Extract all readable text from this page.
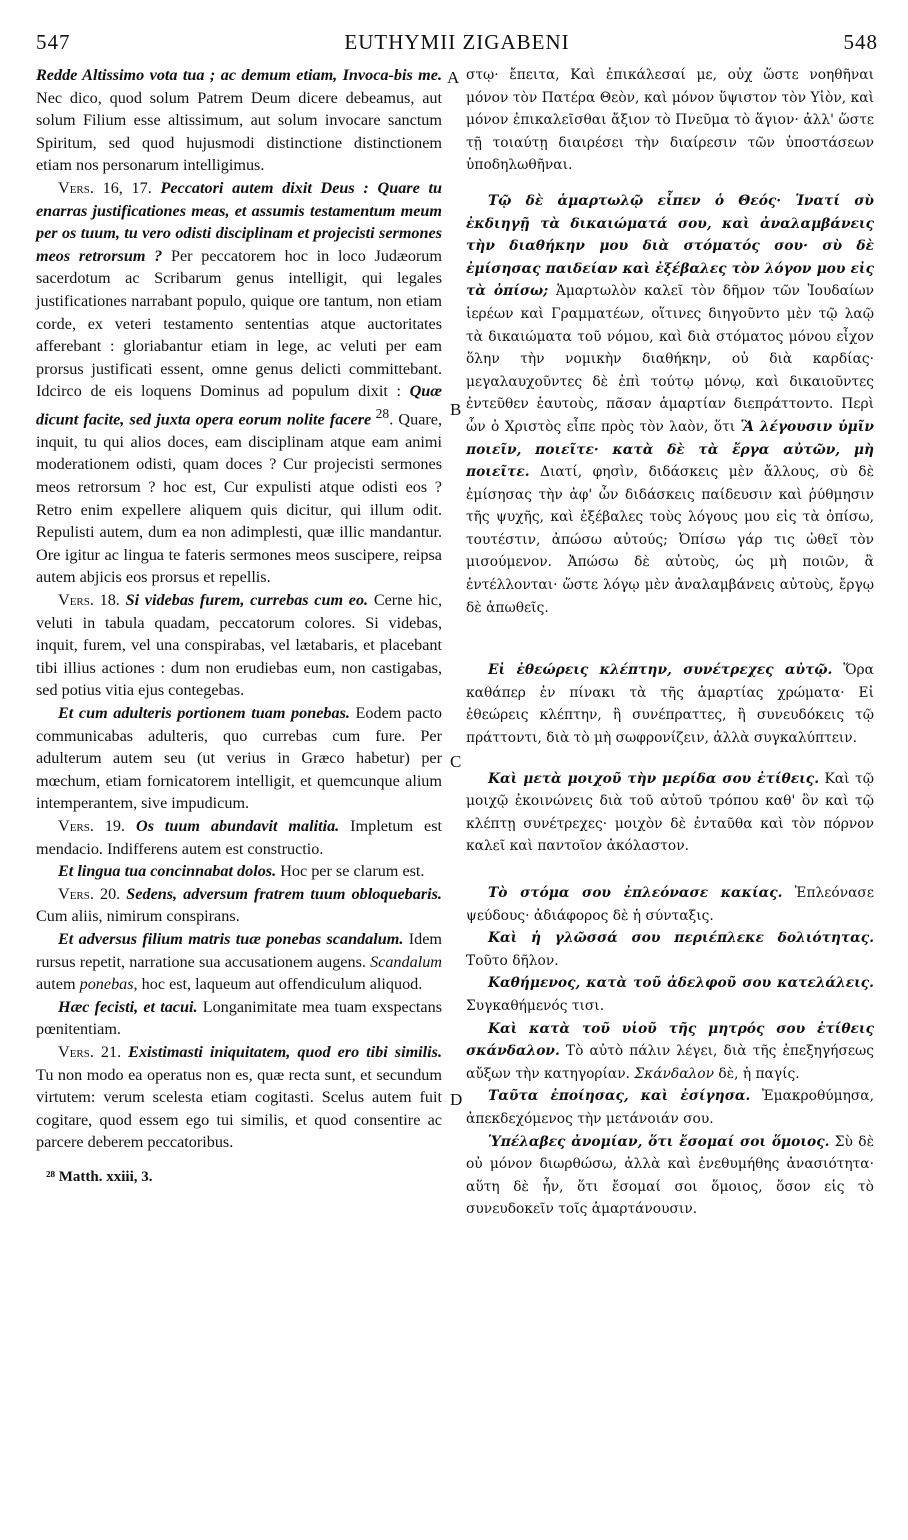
547	EUTHYMII ZIGABENI	548
A
B
C
D

Redde Altissimo vota tua ; ac demum etiam, Invoca-bis me. Nec dico, quod solum Patrem Deum dicere debeamus, aut solum Filium esse altissimum, aut solum invocare sanctum Spiritum, sed quod hujusmodi distinctione distinctionem etiam nos personarum intelligimus.

Vers. 16, 17. Peccatori autem dixit Deus : Quare tu enarras justificationes meas, et assumis testamentum meum per os tuum, tu vero odisti disciplinam et projecisti sermones meos retrorsum ? Per peccatorem hoc in loco Judæorum sacerdotum ac Scribarum genus intelligit, qui legales justificationes narrabant populo, quique ore tantum, non etiam corde, ex veteri testamento sententias atque auctoritates afferebant : gloriabantur etiam in lege, ac veluti per eam prorsus justificati essent, omne genus delicti committebant. Idcirco de eis loquens Dominus ad populum dixit : Quæ dicunt facite, sed juxta opera eorum nolite facere $^{28}$. Quare, inquit, tu qui alios doces, eam disciplinam atque eam animi moderationem odisti, quam doces ? Cur projecisti sermones meos retrorsum ? hoc est, Cur expulisti atque odisti eos ? Retro enim expellere aliquem quis dicitur, qui illum odit. Repulisti autem, dum ea non adimplesti, quæ illic mandantur. Ore igitur ac lingua te fateris sermones meos suscipere, reipsa autem abjicis eos prorsus et repellis.

Vers. 18. Si videbas furem, currebas cum eo. Cerne hic, veluti in tabula quadam, peccatorum colores. Si videbas, inquit, furem, vel una conspirabas, vel lætabaris, et placebant tibi illius actiones : dum non erudiebas eum, non castigabas, sed potius vitia ejus contegebas.

Et cum adulteris portionem tuam ponebas. Eodem pacto communicabas adulteris, quo currebas cum fure. Per adulterum autem seu (ut verius in Græco habetur) per mœchum, etiam fornicatorem intelligit, et quemcunque alium intemperantem, sive impudicum.

Vers. 19. Os tuum abundavit malitia. Impletum est mendacio. Indifferens autem est constructio.

Et lingua tua concinnabat dolos. Hoc per se clarum est.

Vers. 20. Sedens, adversum fratrem tuum obloquebaris. Cum aliis, nimirum conspirans.

Et adversus filium matris tuæ ponebas scandalum. Idem rursus repetit, narratione sua accusationem augens. Scandalum autem ponebas, hoc est, laqueum aut offendiculum aliquod.

Hæc fecisti, et tacui. Longanimitate mea tuam exspectans pœnitentiam.

Vers. 21. Existimasti iniquitatem, quod ero tibi similis. Tu non modo ea operatus non es, quæ recta sunt, et secundum virtutem: verum scelesta etiam cogitasti. Scelus autem fuit cogitare, quod essem ego tui similis, et quod consentire ac parcere deberem peccatoribus.

²⁸ Matth. xxiii, 3.

στῳ· ἔπειτα, Καὶ ἐπικάλεσαί με, οὐχ ὥστε νοηθῆναι μόνον τὸν Πατέρα Θεὸν, καὶ μόνον ὕψιστον τὸν Υἱὸν, καὶ μόνον ἐπικαλεῖσθαι ἄξιον τὸ Πνεῦμα τὸ ἅγιον· ἀλλ' ὥστε τῇ τοιαύτῃ διαιρέσει τὴν διαίρεσιν τῶν ὑποστάσεων ὑποδηλωθῆναι.

Τῷ δὲ ἁμαρτωλῷ εἶπεν ὁ Θεός· Ἱνατί σὺ ἐκδιηγῇ τὰ δικαιώματά σου, καὶ ἀναλαμβάνεις τὴν διαθήκην μου διὰ στόματός σου· σὺ δὲ ἐμίσησας παιδείαν καὶ ἐξέβαλες τὸν λόγον μου εἰς τὰ ὀπίσω; Ἁμαρτωλὸν καλεῖ τὸν δῆμον τῶν Ἰουδαίων ἱερέων καὶ Γραμματέων, οἵτινες διηγοῦντο μὲν τῷ λαῷ τὰ δικαιώματα τοῦ νόμου, καὶ διὰ στόματος μόνου εἶχον ὅλην τὴν νομικὴν διαθήκην, οὐ διὰ καρδίας· μεγαλαυχοῦντες δὲ ἐπὶ τούτῳ μόνῳ, καὶ δικαιοῦντες ἐντεῦθεν ἑαυτοὺς, πᾶσαν ἁμαρτίαν διεπράττοντο. Περὶ ὧν ὁ Χριστὸς εἶπε πρὸς τὸν λαὸν, ὅτι Ἃ λέγουσιν ὑμῖν ποιεῖν, ποιεῖτε· κατὰ δὲ τὰ ἔργα αὐτῶν, μὴ ποιεῖτε. Διατί, φησὶν, διδάσκεις μὲν ἄλλους, σὺ δὲ ἐμίσησας τὴν ἀφ' ὧν διδάσκεις παίδευσιν καὶ ῥύθμησιν τῆς ψυχῆς, καὶ ἐξέβαλες τοὺς λόγους μου εἰς τὰ ὀπίσω, τουτέστιν, ἀπώσω αὐτούς; Ὀπίσω γάρ τις ὠθεῖ τὸν μισούμενον. Ἀπώσω δὲ αὐτοὺς, ὡς μὴ ποιῶν, ἃ ἐντέλλονται· ὥστε λόγῳ μὲν ἀναλαμβάνεις αὐτοὺς, ἔργῳ δὲ ἀπωθεῖς.

Εἰ ἐθεώρεις κλέπτην, συνέτρεχες αὐτῷ. Ὅρα καθάπερ ἐν πίνακι τὰ τῆς ἁμαρτίας χρώματα· Εἰ ἐθεώρεις κλέπτην, ἢ συνέπραττες, ἢ συνευδόκεις τῷ πράττοντι, διὰ τὸ μὴ σωφρονίζειν, ἀλλὰ συγκαλύπτειν.

Καὶ μετὰ μοιχοῦ τὴν μερίδα σου ἐτίθεις. Καὶ τῷ μοιχῷ ἐκοινώνεις διὰ τοῦ αὐτοῦ τρόπου καθ' ὃν καὶ τῷ κλέπτῃ συνέτρεχες· μοιχὸν δὲ ἐνταῦθα καὶ τὸν πόρνον καλεῖ καὶ παντοῖον ἀκόλαστον.

Τὸ στόμα σου ἐπλεόνασε κακίας. Ἐπλεόνασε ψεύδους· ἀδιάφορος δὲ ἡ σύνταξις.

Καὶ ἡ γλῶσσά σου περιέπλεκε δολιότητας. Τοῦτο δῆλον.

Καθήμενος, κατὰ τοῦ ἀδελφοῦ σου κατελάλεις. Συγκαθήμενός τισι.

Καὶ κατὰ τοῦ υἱοῦ τῆς μητρός σου ἐτίθεις σκάνδαλον. Τὸ αὐτὸ πάλιν λέγει, διὰ τῆς ἐπεξηγήσεως αὔξων τὴν κατηγορίαν. Σκάνδαλον δὲ, ἡ παγίς.

Ταῦτα ἐποίησας, καὶ ἐσίγησα. Ἐμακροθύμησα, ἀπεκδεχόμενος τὴν μετάνοιάν σου.

Ὑπέλαβες ἀνομίαν, ὅτι ἔσομαί σοι ὅμοιος. Σὺ δὲ οὐ μόνον διωρθώσω, ἀλλὰ καὶ ἐνεθυμήθης ἀνασιότητα· αὕτη δὲ ἦν, ὅτι ἔσομαί σοι ὅμοιος, ὅσον εἰς τὸ συνευδοκεῖν τοῖς ἁμαρτάνουσιν.
